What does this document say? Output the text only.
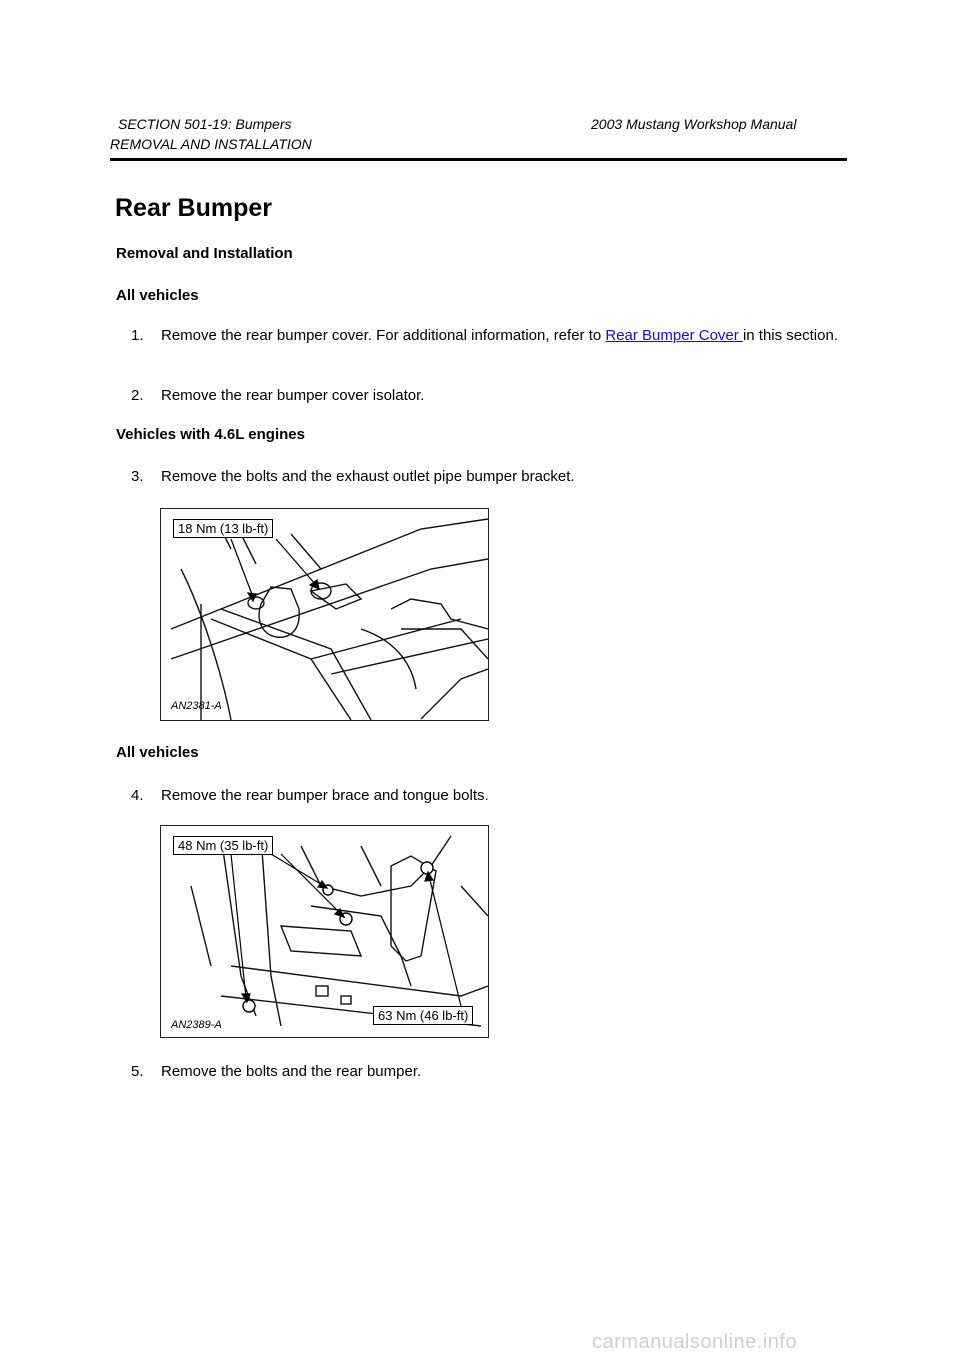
SECTION 501-19: Bumpers	2003 Mustang Workshop Manual
REMOVAL AND INSTALLATION
Rear Bumper
Removal and Installation
All vehicles
1. Remove the rear bumper cover. For additional information, refer to Rear Bumper Cover in this section.
2. Remove the rear bumper cover isolator.
Vehicles with 4.6L engines
3. Remove the bolts and the exhaust outlet pipe bumper bracket.
18 Nm (13 lb-ft)
AN2381-A
All vehicles
4. Remove the rear bumper brace and tongue bolts.
48 Nm (35 lb-ft)
63 Nm (46 lb-ft)
AN2389-A
5. Remove the bolts and the rear bumper.
carmanualsonline.info
